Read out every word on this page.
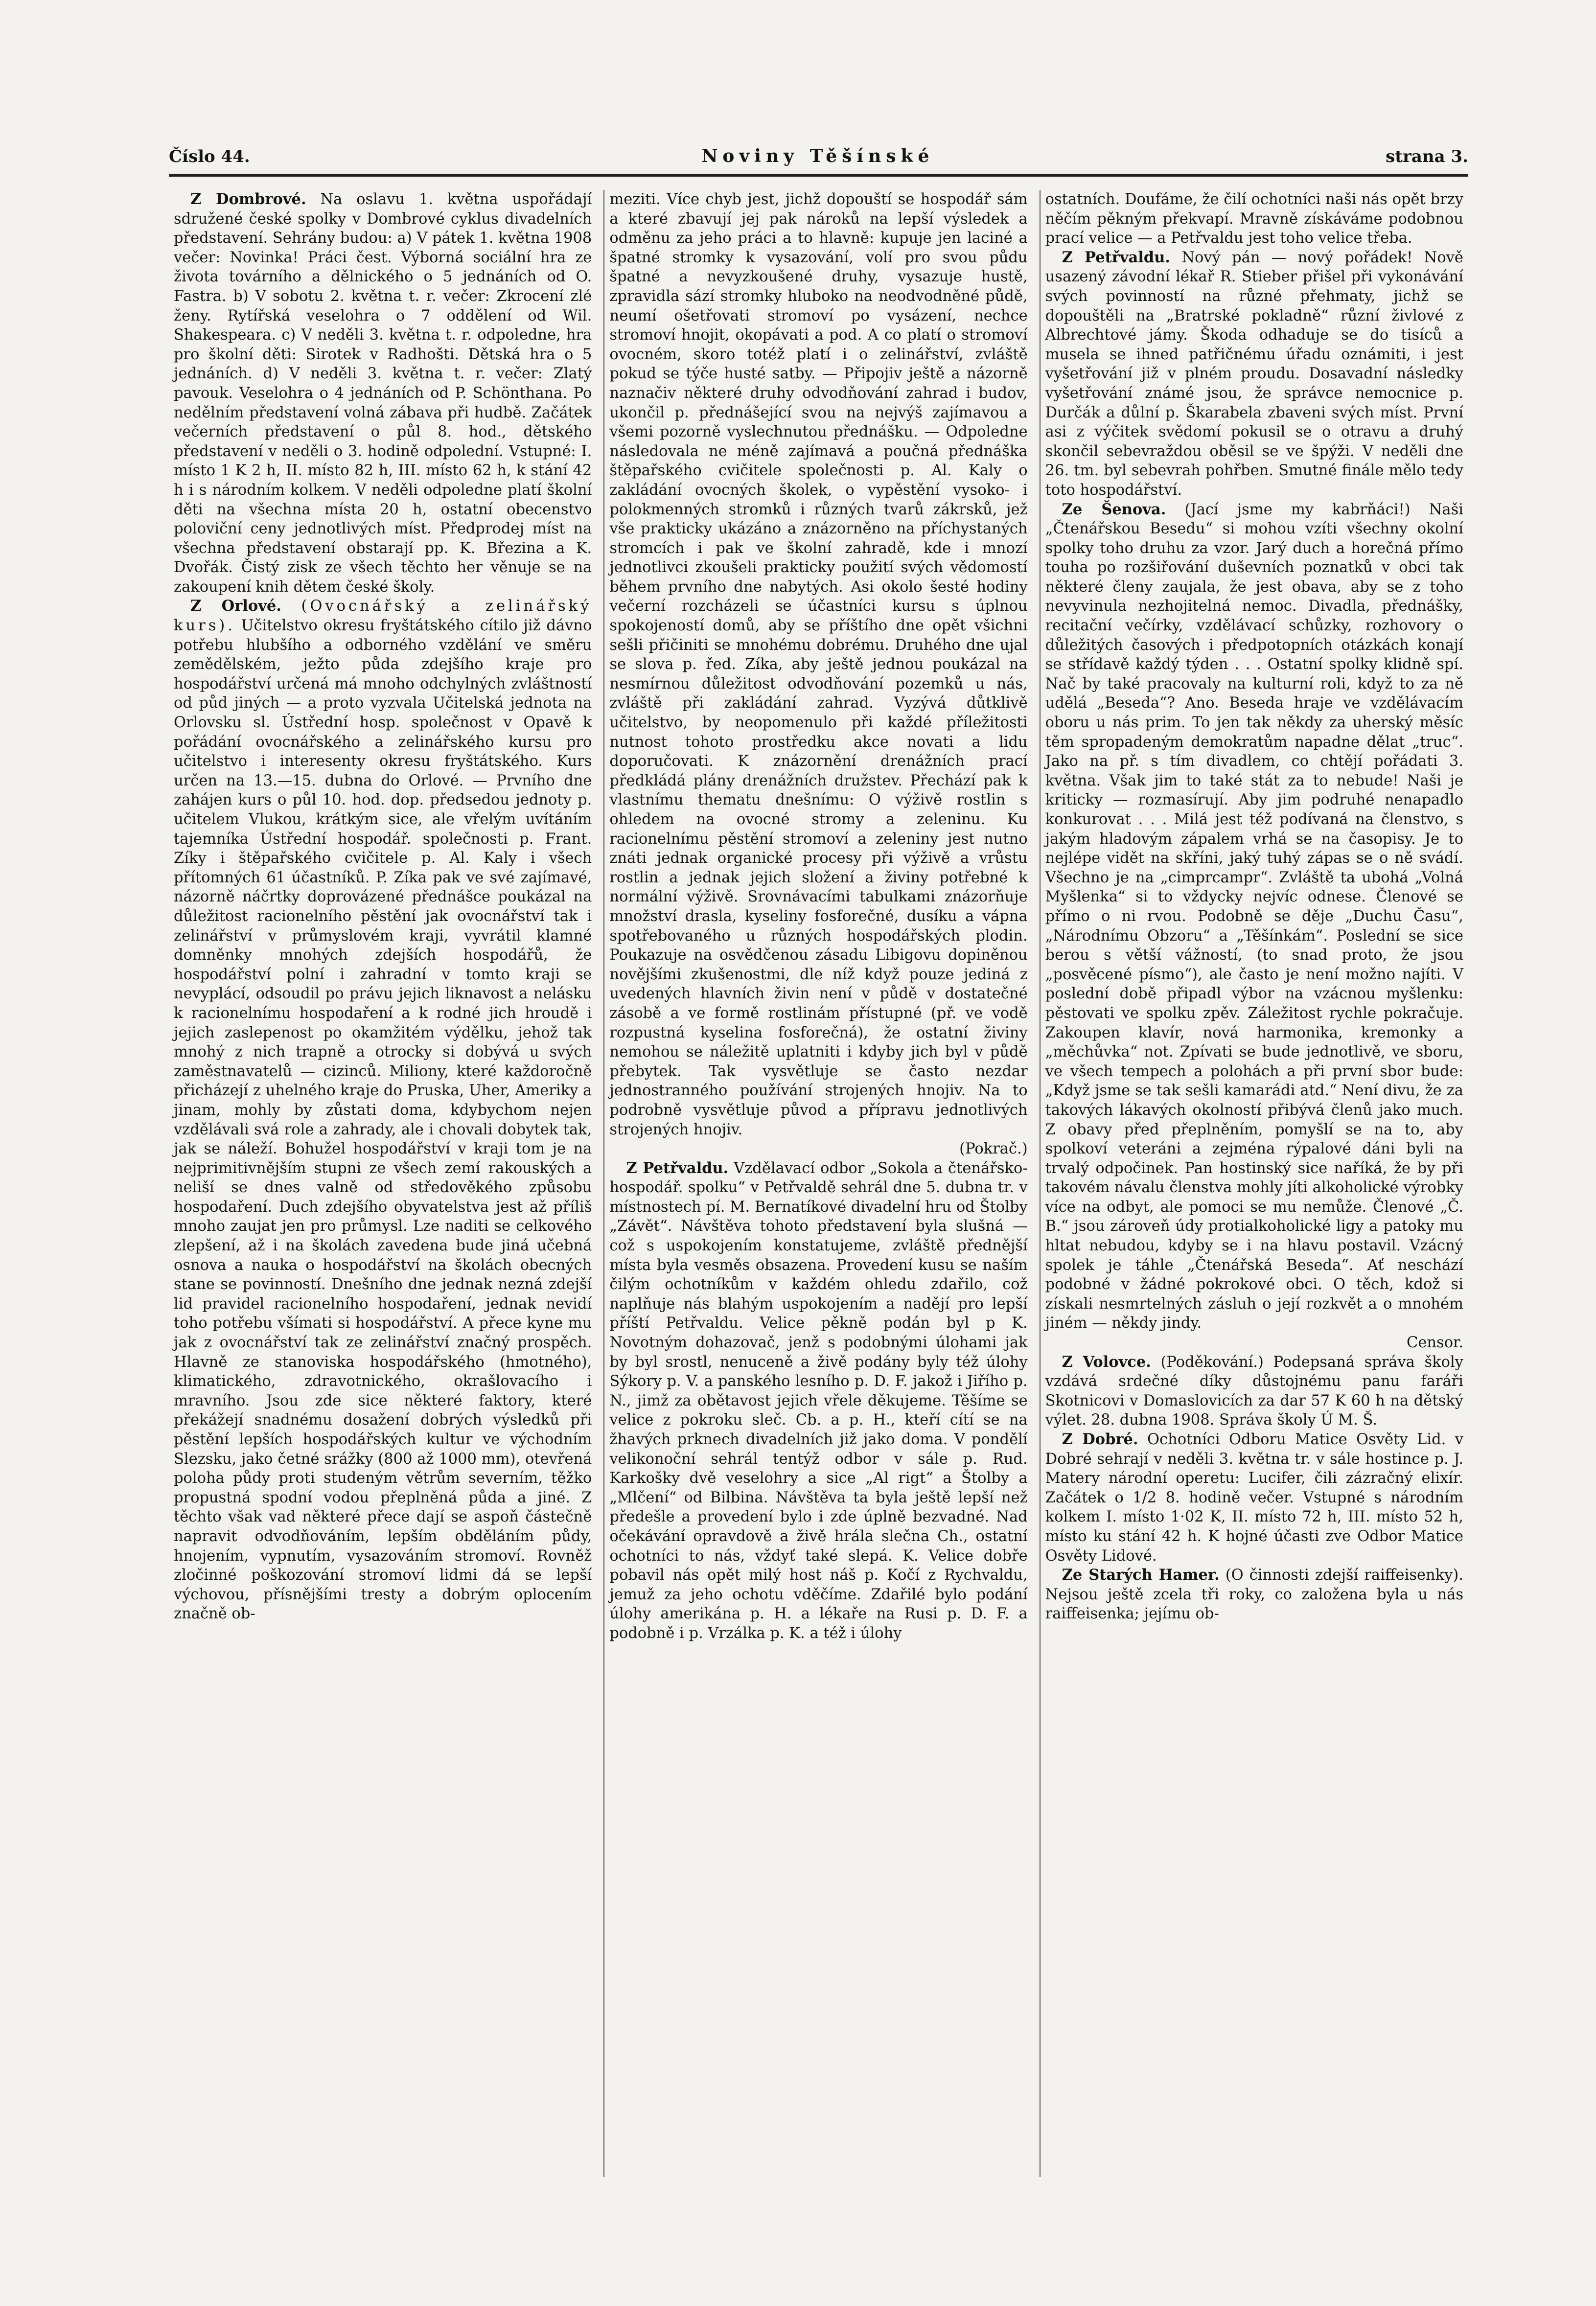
Číslo 44.	Noviny Těšínské	strana 3.

Z Dombrové. Na oslavu 1. května uspořádají sdružené české spolky v Dombrové cyklus divadelních představení. Sehrány budou: a) V pátek 1. května 1908 večer: Novinka! Práci čest. Výborná sociální hra ze života továrního a dělnického o 5 jednáních od O. Fastra. b) V sobotu 2. května t. r. večer: Zkrocení zlé ženy. Rytířská veselohra o 7 oddělení od Wil. Shakespeara. c) V neděli 3. května t. r. odpoledne, hra pro školní děti: Sirotek v Radhošti. Dětská hra o 5 jednáních. d) V neděli 3. května t. r. večer: Zlatý pavouk. Veselohra o 4 jednáních od P. Schönthana. Po nedělním představení volná zábava při hudbě. Začátek večerních představení o půl 8. hod., dětského představení v neděli o 3. hodině odpolední. Vstupné: I. místo 1 K 2 h, II. místo 82 h, III. místo 62 h, k stání 42 h i s národním kolkem. V neděli odpoledne platí školní děti na všechna místa 20 h, ostatní obecenstvo poloviční ceny jednotlivých míst. Předprodej míst na všechna představení obstarají pp. K. Březina a K. Dvořák. Čistý zisk ze všech těchto her věnuje se na zakoupení knih dětem české školy.

Z Orlové. (Ovocnářský a zelinářský kurs). Učitelstvo okresu fryštátského cítilo již dávno potřebu hlubšího a odborného vzdělání ve směru zemědělském, ježto půda zdejšího kraje pro hospodářství určená má mnoho odchylných zvláštností od půd jiných — a proto vyzvala Učitelská jednota na Orlovsku sl. Ústřední hosp. společnost v Opavě k pořádání ovocnářského a zelinářského kursu pro učitelstvo i interesenty okresu fryštátského. Kurs určen na 13.—15. dubna do Orlové. — Prvního dne zahájen kurs o půl 10. hod. dop. předsedou jednoty p. učitelem Vlukou, krátkým sice, ale vřelým uvítáním tajemníka Ústřední hospodář. společnosti p. Frant. Zíky i štěpařského cvičitele p. Al. Kaly i všech přítomných 61 účastníků. P. Zíka pak ve své zajímavé, názorně náčrtky doprovázené přednášce poukázal na důležitost racionelního pěstění jak ovocnářství tak i zelinářství v průmyslovém kraji, vyvrátil klamné domněnky mnohých zdejších hospodářů, že hospodářství polní i zahradní v tomto kraji se nevyplácí, odsoudil po právu jejich liknavost a nelásku k racionelnímu hospodaření a k rodné jich hroudě i jejich zaslepenost po okamžitém výdělku, jehož tak mnohý z nich trapně a otrocky si dobývá u svých zaměstnavatelů — cizinců. Miliony, které každoročně přicházejí z uhelného kraje do Pruska, Uher, Ameriky a jinam, mohly by zůstati doma, kdybychom nejen vzdělávali svá role a zahrady, ale i chovali dobytek tak, jak se náleží. Bohužel hospodářství v kraji tom je na nejprimitivnějším stupni ze všech zemí rakouských a neliší se dnes valně od středověkého způsobu hospodaření. Duch zdejšího obyvatelstva jest až příliš mnoho zaujat jen pro průmysl. Lze naditi se celkového zlepšení, až i na školách zavedena bude jiná učebná osnova a nauka o hospodářství na školách obecných stane se povinností. Dnešního dne jednak nezná zdejší lid pravidel racionelního hospodaření, jednak nevidí toho potřebu všímati si hospodářství. A přece kyne mu jak z ovocnářství tak ze zelinářství značný prospěch. Hlavně ze stanoviska hospodářského (hmotného), klimatického, zdravotnického, okrašlovacího i mravního. Jsou zde sice některé faktory, které překážejí snadnému dosažení dobrých výsledků při pěstění lepších hospodářských kultur ve východním Slezsku, jako četné srážky (800 až 1000 mm), otevřená poloha půdy proti studeným větrům severním, těžko propustná spodní vodou přeplněná půda a jiné. Z těchto však vad některé přece dají se aspoň částečně napravit odvodňováním, lepším obděláním půdy, hnojením, vypnutím, vysazováním stromoví. Rovněž zločinné poškozování stromoví lidmi dá se lepší výchovou, přísnějšími tresty a dobrým oplocením značně ob-

meziti. Více chyb jest, jichž dopouští se hospodář sám a které zbavují jej pak nároků na lepší výsledek a odměnu za jeho práci a to hlavně: kupuje jen laciné a špatné stromky k vysazování, volí pro svou půdu špatné a nevyzkoušené druhy, vysazuje hustě, zpravidla sází stromky hluboko na neodvodněné půdě, neumí ošetřovati stromoví po vysázení, nechce stromoví hnojit, okopávati a pod. A co platí o stromoví ovocném, skoro totéž platí i o zelinářství, zvláště pokud se týče husté satby. — Připojiv ještě a názorně naznačiv některé druhy odvodňování zahrad i budov, ukončil p. přednášející svou na nejvýš zajímavou a všemi pozorně vyslechnutou přednášku. — Odpoledne následovala ne méně zajímavá a poučná přednáška štěpařského cvičitele společnosti p. Al. Kaly o zakládání ovocných školek, o vypěstění vysoko- i polokmenných stromků i různých tvarů zákrsků, jež vše prakticky ukázáno a znázorněno na příchystaných stromcích i pak ve školní zahradě, kde i mnozí jednotlivci zkoušeli prakticky použití svých vědomostí během prvního dne nabytých. Asi okolo šesté hodiny večerní rozcházeli se účastníci kursu s úplnou spokojeností domů, aby se příštího dne opět všichni sešli přičiniti se mnohému dobrému. Druhého dne ujal se slova p. řed. Zíka, aby ještě jednou poukázal na nesmírnou důležitost odvodňování pozemků u nás, zvláště při zakládání zahrad. Vyzývá důtklivě učitelstvo, by neopomenulo při každé příležitosti nutnost tohoto prostředku akce novati a lidu doporučovati. K znázornění drenážních prací předkládá plány drenážních družstev. Přechází pak k vlastnímu thematu dnešnímu: O výživě rostlin s ohledem na ovocné stromy a zeleninu. Ku racionelnímu pěstění stromoví a zeleniny jest nutno znáti jednak organické procesy při výživě a vrůstu rostlin a jednak jejich složení a živiny potřebné k normální výživě. Srovnávacími tabulkami znázorňuje množství drasla, kyseliny fosforečné, dusíku a vápna spotřebovaného u různých hospodářských plodin. Poukazuje na osvědčenou zásadu Libigovu dopiněnou novějšími zkušenostmi, dle níž když pouze jediná z uvedených hlavních živin není v půdě v dostatečné zásobě a ve formě rostlinám přístupné (př. ve vodě rozpustná kyselina fosforečná), že ostatní živiny nemohou se náležitě uplatniti i kdyby jich byl v půdě přebytek. Tak vysvětluje se často nezdar jednostranného používání strojených hnojiv. Na to podrobně vysvětluje původ a přípravu jednotlivých strojených hnojiv.

(Pokrač.)

Z Petřvaldu. Vzdělavací odbor „Sokola a čtenářsko-hospodář. spolku“ v Petřvaldě sehrál dne 5. dubna tr. v místnostech pí. M. Bernatíkové divadelní hru od Štolby „Závět“. Návštěva tohoto představení byla slušná — což s uspokojením konstatujeme, zvláště přednější místa byla vesměs obsazena. Provedení kusu se naším čilým ochotníkům v každém ohledu zdařilo, což naplňuje nás blahým uspokojením a nadějí pro lepší příští Petřvaldu. Velice pěkně podán byl p K. Novotným dohazovač, jenž s podobnými úlohami jak by byl srostl, nenuceně a živě podány byly též úlohy Sýkory p. V. a panského lesního p. D. F. jakož i Jiřího p. N., jimž za obětavost jejich vřele děkujeme. Těšíme se velice z pokroku sleč. Cb. a p. H., kteří cítí se na žhavých prknech divadelních již jako doma. V pondělí velikonoční sehrál tentýž odbor v sále p. Rud. Karkošky dvě veselohry a sice „Al rigt“ a Štolby a „Mlčení“ od Bilbina. Návštěva ta byla ještě lepší než předešle a provedení bylo i zde úplně bezvadné. Nad očekávání opravdově a živě hrála slečna Ch., ostatní ochotníci to nás, vždyť také slepá. K. Velice dobře pobavil nás opět milý host náš p. Kočí z Rychvaldu, jemuž za jeho ochotu vděčíme. Zdařilé bylo podání úlohy amerikána p. H. a lékaře na Rusi p. D. F. a podobně i p. Vrzálka p. K. a též i úlohy

ostatních. Doufáme, že čilí ochotníci naši nás opět brzy něčím pěkným překvapí. Mravně získáváme podobnou prací velice — a Petřvaldu jest toho velice třeba.

Z Petřvaldu. Nový pán — nový pořádek! Nově usazený závodní lékař R. Stieber přišel při vykonávání svých povinností na různé přehmaty, jichž se dopouštěli na „Bratrské pokladně“ různí živlové z Albrechtové jámy. Škoda odhaduje se do tisíců a musela se ihned patřičnému úřadu oznámiti, i jest vyšetřování již v plném proudu. Dosavadní následky vyšetřování známé jsou, že správce nemocnice p. Durčák a důlní p. Škarabela zbaveni svých míst. První asi z výčitek svědomí pokusil se o otravu a druhý skončil sebevraždou oběsil se ve špýži. V neděli dne 26. tm. byl sebevrah pohřben. Smutné finále mělo tedy toto hospodářství.

Ze Šenova. (Jací jsme my kabrňáci!) Naši „Čtenářskou Besedu“ si mohou vzíti všechny okolní spolky toho druhu za vzor. Jarý duch a horečná přímo touha po rozšiřování duševních poznatků v obci tak některé členy zaujala, že jest obava, aby se z toho nevyvinula nezhojitelná nemoc. Divadla, přednášky, recitační večírky, vzdělávací schůzky, rozhovory o důležitých časových i předpotopních otázkách konají se střídavě každý týden . . . Ostatní spolky klidně spí. Nač by také pracovaly na kulturní roli, když to za ně udělá „Beseda“? Ano. Beseda hraje ve vzdělávacím oboru u nás prim. To jen tak někdy za uherský měsíc těm spropadeným demokratům napadne dělat „truc“. Jako na př. s tím divadlem, co chtějí pořádati 3. května. Však jim to také stát za to nebude! Naši je kriticky — rozmasírují. Aby jim podruhé nenapadlo konkurovat . . . Milá jest též podívaná na členstvo, s jakým hladovým zápalem vrhá se na časopisy. Je to nejlépe vidět na skříni, jaký tuhý zápas se o ně svádí. Všechno je na „cimprcampr“. Zvláště ta ubohá „Volná Myšlenka“ si to vždycky nejvíc odnese. Členové se přímo o ni rvou. Podobně se děje „Duchu Času“, „Národnímu Obzoru“ a „Těšínkám“. Poslední se sice berou s větší vážností, (to snad proto, že jsou „posvěcené písmo“), ale často je není možno najíti. V poslední době připadl výbor na vzácnou myšlenku: pěstovati ve spolku zpěv. Záležitost rychle pokračuje. Zakoupen klavír, nová harmonika, kremonky a „měchůvka“ not. Zpívati se bude jednotlivě, ve sboru, ve všech tempech a polohách a při první sbor bude: „Když jsme se tak sešli kamarádi atd.“ Není divu, že za takových lákavých okolností přibývá členů jako much. Z obavy před přeplněním, pomyšlí se na to, aby spolkoví veteráni a zejména rýpalové dáni byli na trvalý odpočinek. Pan hostinský sice naříká, že by při takovém návalu členstva mohly jíti alkoholické výrobky více na odbyt, ale pomoci se mu nemůže. Členové „Č. B.“ jsou zároveň údy protialkoholické ligy a patoky mu hltat nebudou, kdyby se i na hlavu postavil. Vzácný spolek je táhle „Čtenářská Beseda“. Ať neschází podobné v žádné pokrokové obci. O těch, kdož si získali nesmrtelných zásluh o její rozkvět a o mnohém jiném — někdy jindy.

Censor.

Z Volovce. (Poděkování.) Podepsaná správa školy vzdává srdečné díky důstojnému panu faráři Skotnicovi v Domaslovicích za dar 57 K 60 h na dětský výlet. 28. dubna 1908. Správa školy Ú M. Š.

Z Dobré. Ochotníci Odboru Matice Osvěty Lid. v Dobré sehrají v neděli 3. května tr. v sále hostince p. J. Matery národní operetu: Lucifer, čili zázračný elixír. Začátek o 1/2 8. hodině večer. Vstupné s národním kolkem I. místo 1·02 K, II. místo 72 h, III. místo 52 h, místo ku stání 42 h. K hojné účasti zve Odbor Matice Osvěty Lidové.

Ze Starých Hamer. (O činnosti zdejší raiffeisenky). Nejsou ještě zcela tři roky, co založena byla u nás raiffeisenka; jejímu ob-
